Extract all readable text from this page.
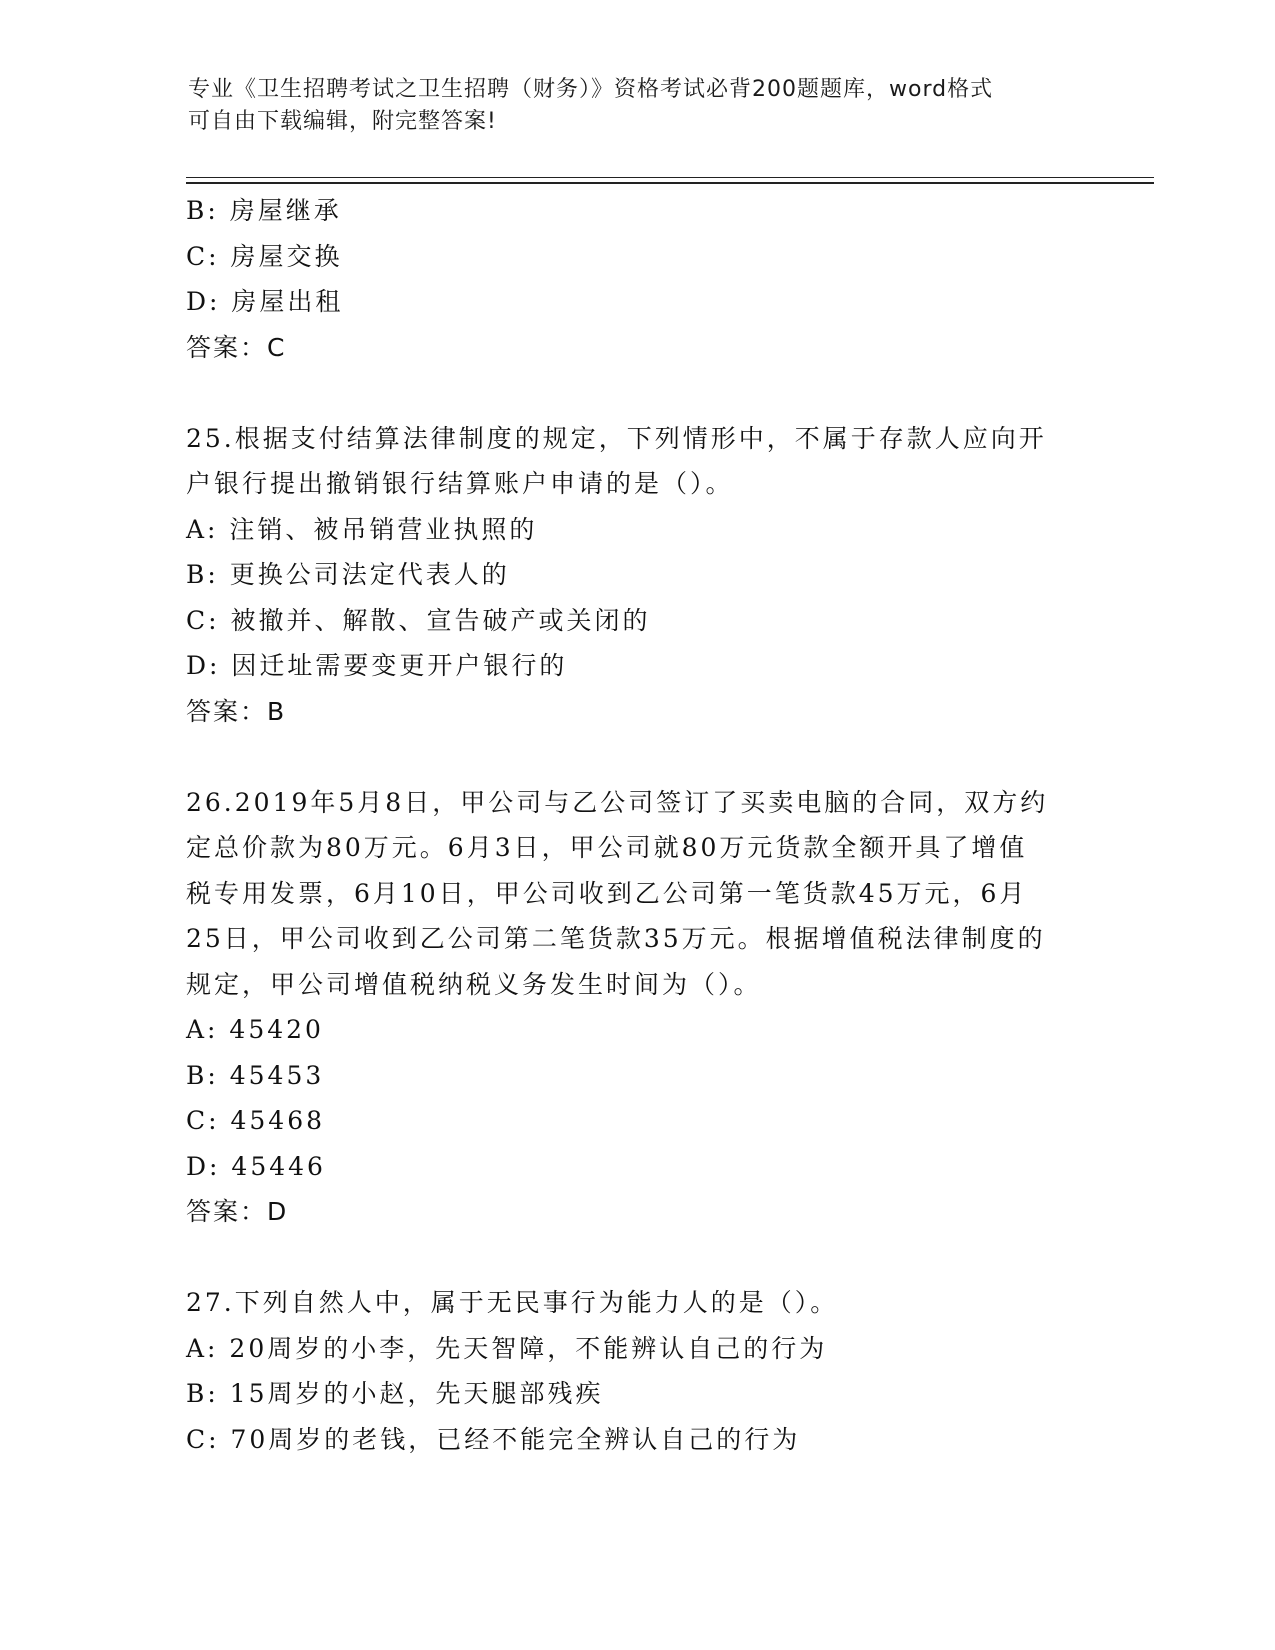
专业《卫生招聘考试之卫生招聘（财务）》资格考试必背200题题库，word格式
可自由下载编辑，附完整答案!

B: 房屋继承

C: 房屋交换

D: 房屋出租

答案：C

25.根据支付结算法律制度的规定，下列情形中，不属于存款人应向开

户银行提出撤销银行结算账户申请的是（）。

A: 注销、被吊销营业执照的

B: 更换公司法定代表人的

C: 被撤并、解散、宣告破产或关闭的

D: 因迁址需要变更开户银行的

答案：B

26.2019年5月8日，甲公司与乙公司签订了买卖电脑的合同，双方约

定总价款为80万元。6月3日，甲公司就80万元货款全额开具了增值

税专用发票，6月10日，甲公司收到乙公司第一笔货款45万元，6月

25日，甲公司收到乙公司第二笔货款35万元。根据增值税法律制度的

规定，甲公司增值税纳税义务发生时间为（）。

A: 45420

B: 45453

C: 45468

D: 45446

答案：D

27.下列自然人中，属于无民事行为能力人的是（）。

A: 20周岁的小李，先天智障，不能辨认自己的行为

B: 15周岁的小赵，先天腿部残疾

C: 70周岁的老钱，已经不能完全辨认自己的行为
